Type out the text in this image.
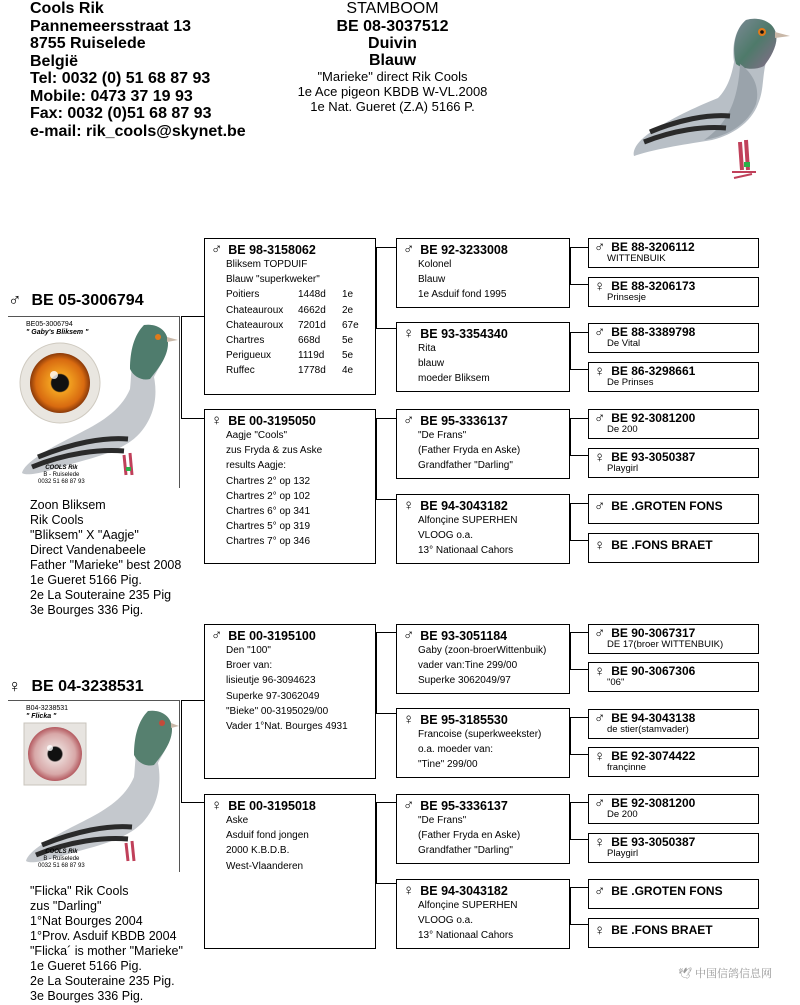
Cools Rik
Pannemeersstraat 13
8755 Ruiselede
België
Tel: 0032 (0) 51 68 87 93
Mobile: 0473 37 19 93
Fax: 0032 (0)51 68 87 93
e-mail: rik_cools@skynet.be
STAMBOOM
BE 08-3037512
Duivin
Blauw
"Marieke" direct Rik Cools
1e Ace pigeon KBDB W-VL.2008
1e Nat. Gueret (Z.A) 5166 P.
♂ BE 05-3006794
BE05-3006794
" Gaby's Bliksem "
COOLS Rik
B - Ruiselede
0032 51 68 87 93
Zoon Bliksem
Rik Cools
"Bliksem" X "Aagje"
Direct Vandenabeele
Father "Marieke" best 2008
1e Gueret 5166 Pig.
2e La Souteraine 235 Pig
3e Bourges 336 Pig.
♀ BE 04-3238531
B04-3238531
" Flicka "
COOLS Rik
B - Ruiselede
0032 51 68 87 93
"Flicka" Rik Cools
zus "Darling"
1°Nat Bourges 2004
1°Prov. Asduif KBDB 2004
"Flicka´ is mother "Marieke"
1e Gueret 5166 Pig.
2e La Souteraine 235 Pig.
3e Bourges 336 Pig.
♂ BE 98-3158062
Bliksem TOPDUIF
Blauw "superkweker"
Poitiers	1448d	1e
Chateauroux	4662d	2e
Chateauroux	7201d	67e
Chartres	668d	5e
Perigueux	1119d	5e
Ruffec	1778d	4e
♀ BE 00-3195050
Aagje "Cools"
zus Fryda & zus Aske
results Aagje:
Chartres 2° op 132
Chartres 2° op 102
Chartres 6° op 341
Chartres 5° op 319
Chartres 7° op 346
♂ BE 00-3195100
Den "100"
Broer van:
lisieutje 96-3094623
Superke 97-3062049
"Bieke" 00-3195029/00
Vader 1°Nat. Bourges 4931
♀ BE 00-3195018
Aske
Asduif fond jongen
2000 K.B.D.B.
West-Vlaanderen
♂ BE 92-3233008
Kolonel
Blauw
1e Asduif fond 1995
♀ BE 93-3354340
Rita
blauw
moeder Bliksem
♂ BE 95-3336137
"De Frans"
(Father Fryda en Aske)
Grandfather "Darling"
♀ BE 94-3043182
Alfonçine SUPERHEN
VLOOG o.a.
13° Nationaal Cahors
♂ BE 93-3051184
Gaby (zoon-broerWittenbuik)
vader van:Tine 299/00
Superke 3062049/97
♀ BE 95-3185530
Francoise (superkweekster)
o.a. moeder van:
"Tine" 299/00
♂ BE 95-3336137
"De Frans"
(Father Fryda en Aske)
Grandfather "Darling"
♀ BE 94-3043182
Alfonçine SUPERHEN
VLOOG o.a.
13° Nationaal Cahors
♂ BE 88-3206112
WITTENBUIK
♀ BE 88-3206173
Prinsesje
♂ BE 88-3389798
De Vital
♀ BE 86-3298661
De Prinses
♂ BE 92-3081200
De 200
♀ BE 93-3050387
Playgirl
♂ BE .GROTEN FONS
♀ BE .FONS BRAET
♂ BE 90-3067317
DE 17(broer WITTENBUIK)
♀ BE 90-3067306
"06"
♂ BE 94-3043138
de stier(stamvader)
♀ BE 92-3074422
françinne
♂ BE 92-3081200
De 200
♀ BE 93-3050387
Playgirl
♂ BE .GROTEN FONS
♀ BE .FONS BRAET
🕊 中国信鸽信息网
